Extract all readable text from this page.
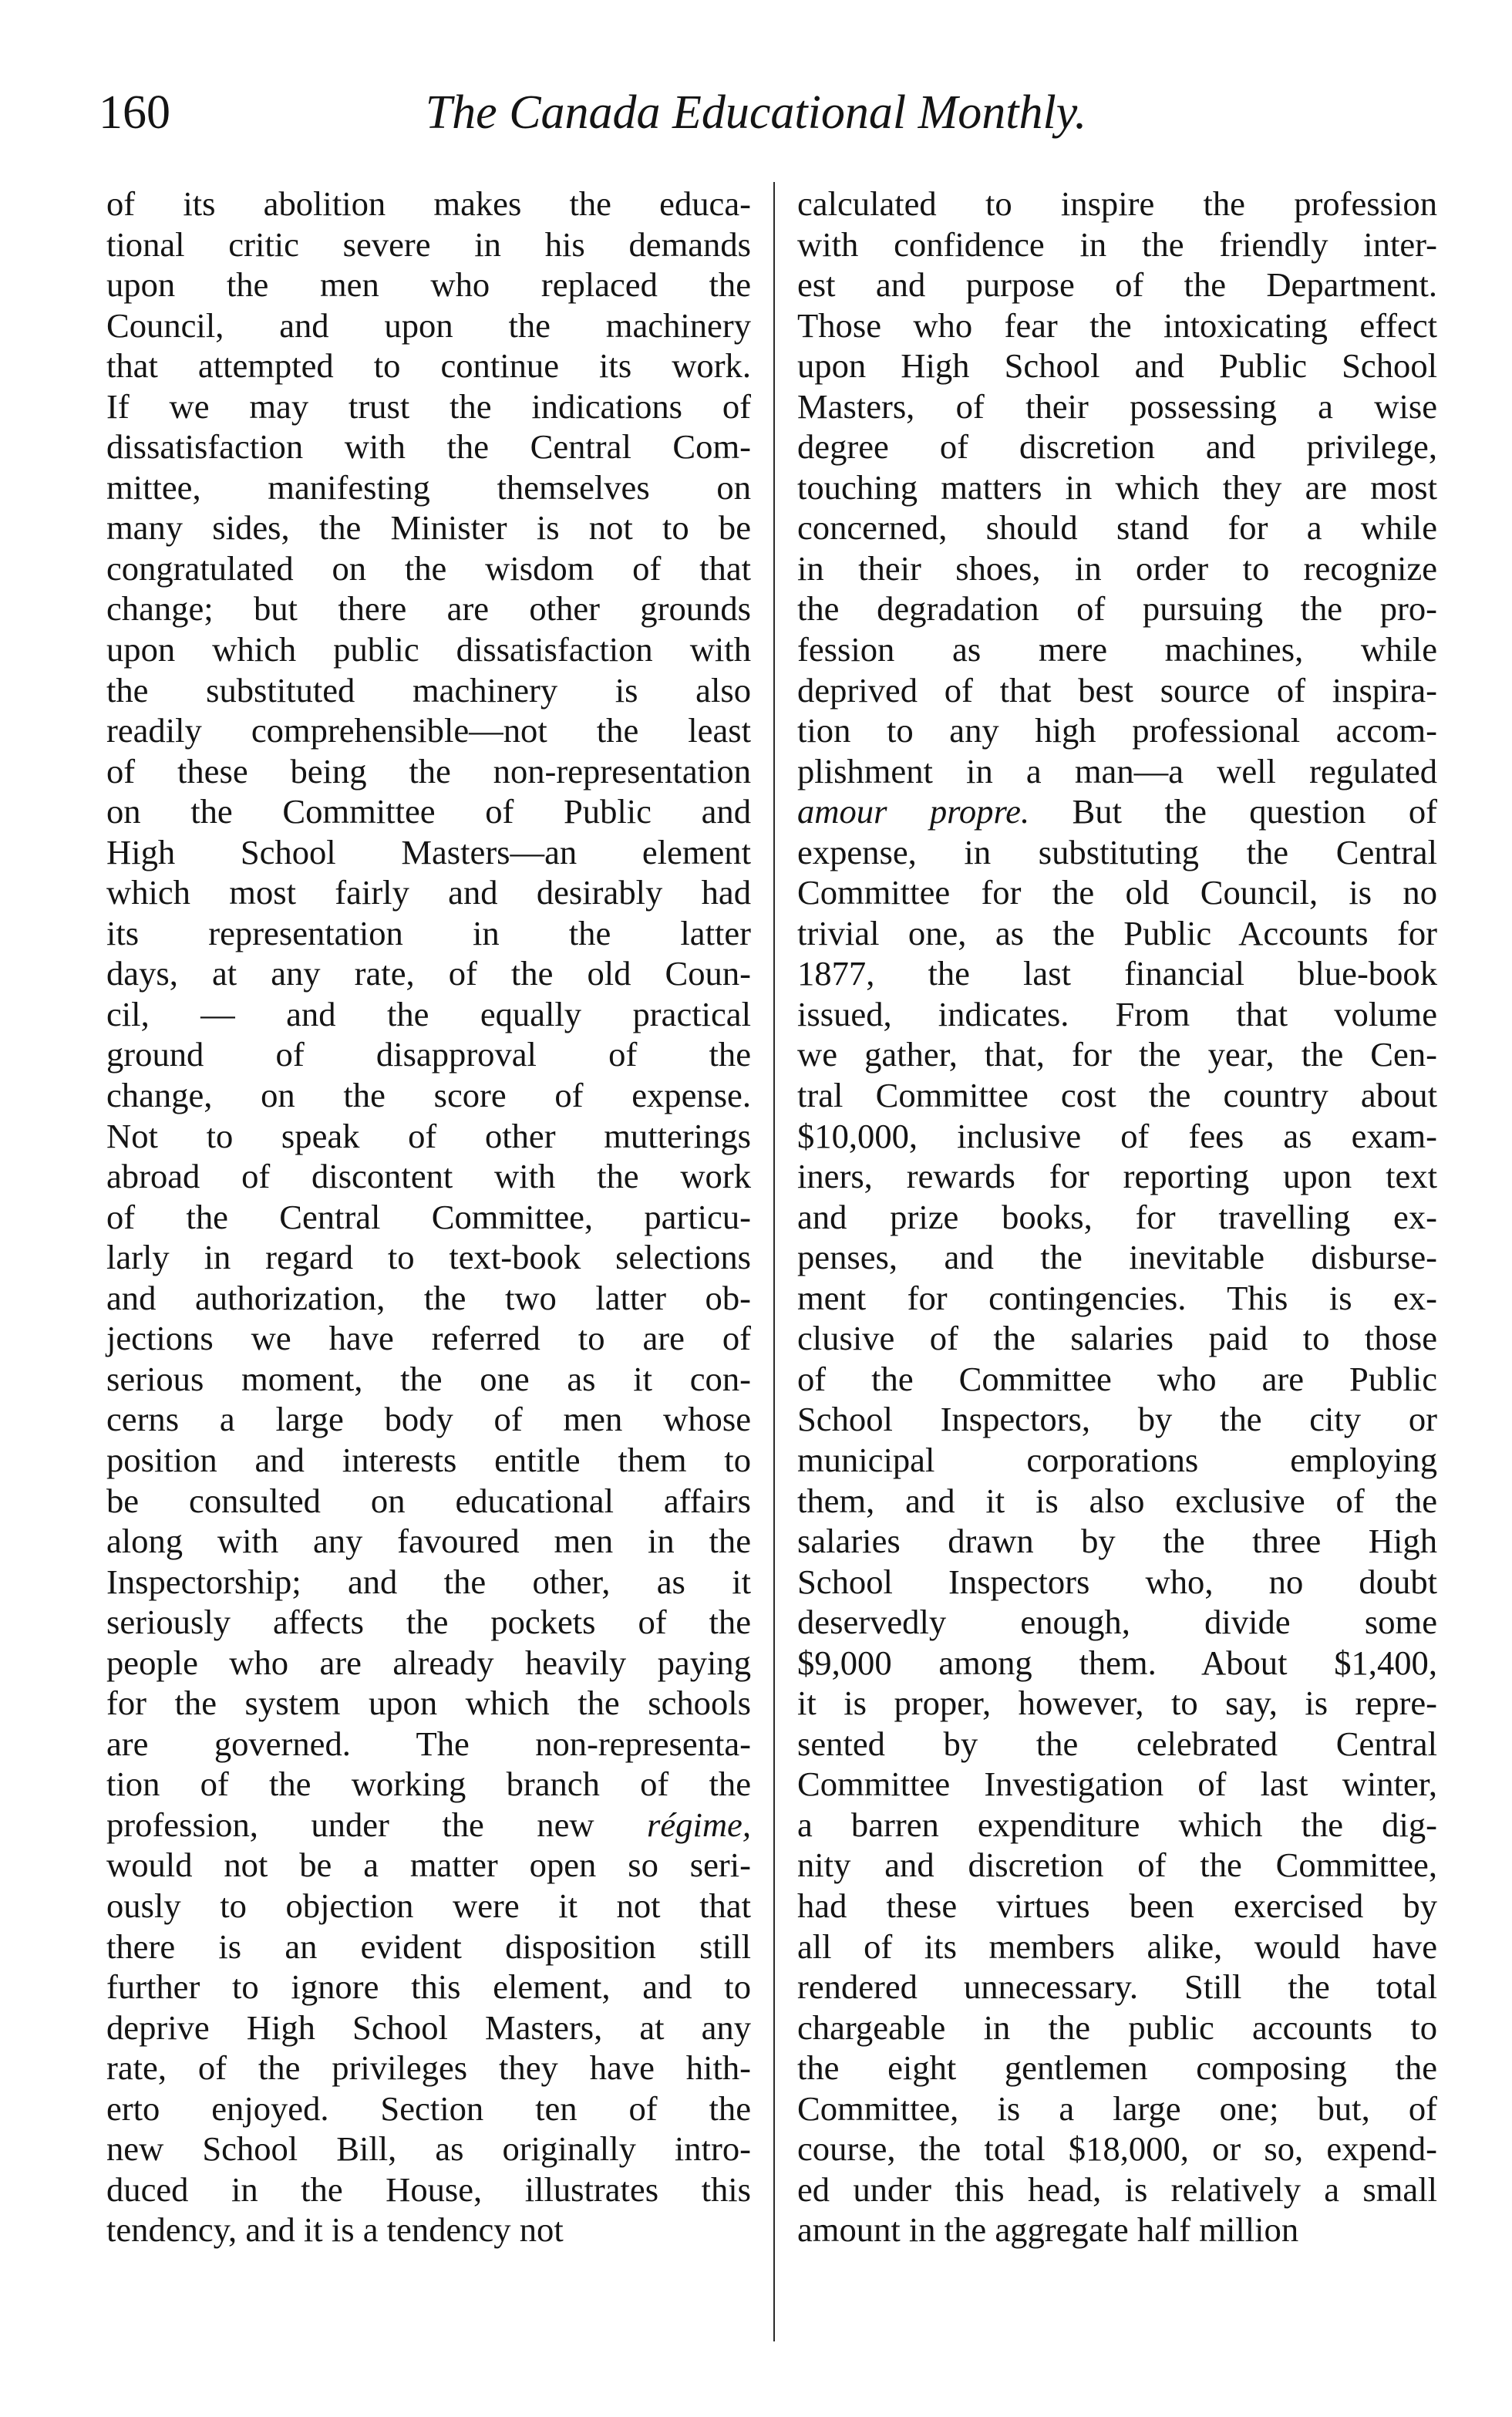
160	The Canada Educational Monthly.
of its abolition makes the educa-
tional critic severe in his demands
upon the men who replaced the
Council, and upon the machinery
that attempted to continue its work.
If we may trust the indications of
dissatisfaction with the Central Com-
mittee, manifesting themselves on
many sides, the Minister is not to be
congratulated on the wisdom of that
change; but there are other grounds
upon which public dissatisfaction with
the substituted machinery is also
readily comprehensible—not the least
of these being the non-representation
on the Committee of Public and
High School Masters—an element
which most fairly and desirably had
its representation in the latter
days, at any rate, of the old Coun-
cil, — and the equally practical
ground of disapproval of the
change, on the score of expense.
Not to speak of other mutterings
abroad of discontent with the work
of the Central Committee, particu-
larly in regard to text-book selections
and authorization, the two latter ob-
jections we have referred to are of
serious moment, the one as it con-
cerns a large body of men whose
position and interests entitle them to
be consulted on educational affairs
along with any favoured men in the
Inspectorship; and the other, as it
seriously affects the pockets of the
people who are already heavily paying
for the system upon which the schools
are governed. The non-representa-
tion of the working branch of the
profession, under the new régime,
would not be a matter open so seri-
ously to objection were it not that
there is an evident disposition still
further to ignore this element, and to
deprive High School Masters, at any
rate, of the privileges they have hith-
erto enjoyed. Section ten of the
new School Bill, as originally intro-
duced in the House, illustrates this
tendency, and it is a tendency not
calculated to inspire the profession
with confidence in the friendly inter-
est and purpose of the Department.
Those who fear the intoxicating effect
upon High School and Public School
Masters, of their possessing a wise
degree of discretion and privilege,
touching matters in which they are most
concerned, should stand for a while
in their shoes, in order to recognize
the degradation of pursuing the pro-
fession as mere machines, while
deprived of that best source of inspira-
tion to any high professional accom-
plishment in a man—a well regulated
amour propre. But the question of
expense, in substituting the Central
Committee for the old Council, is no
trivial one, as the Public Accounts for
1877, the last financial blue-book
issued, indicates. From that volume
we gather, that, for the year, the Cen-
tral Committee cost the country about
$10,000, inclusive of fees as exam-
iners, rewards for reporting upon text
and prize books, for travelling ex-
penses, and the inevitable disburse-
ment for contingencies. This is ex-
clusive of the salaries paid to those
of the Committee who are Public
School Inspectors, by the city or
municipal corporations employing
them, and it is also exclusive of the
salaries drawn by the three High
School Inspectors who, no doubt
deservedly enough, divide some
$9,000 among them. About $1,400,
it is proper, however, to say, is repre-
sented by the celebrated Central
Committee Investigation of last winter,
a barren expenditure which the dig-
nity and discretion of the Committee,
had these virtues been exercised by
all of its members alike, would have
rendered unnecessary. Still the total
chargeable in the public accounts to
the eight gentlemen composing the
Committee, is a large one; but, of
course, the total $18,000, or so, expend-
ed under this head, is relatively a small
amount in the aggregate half million
